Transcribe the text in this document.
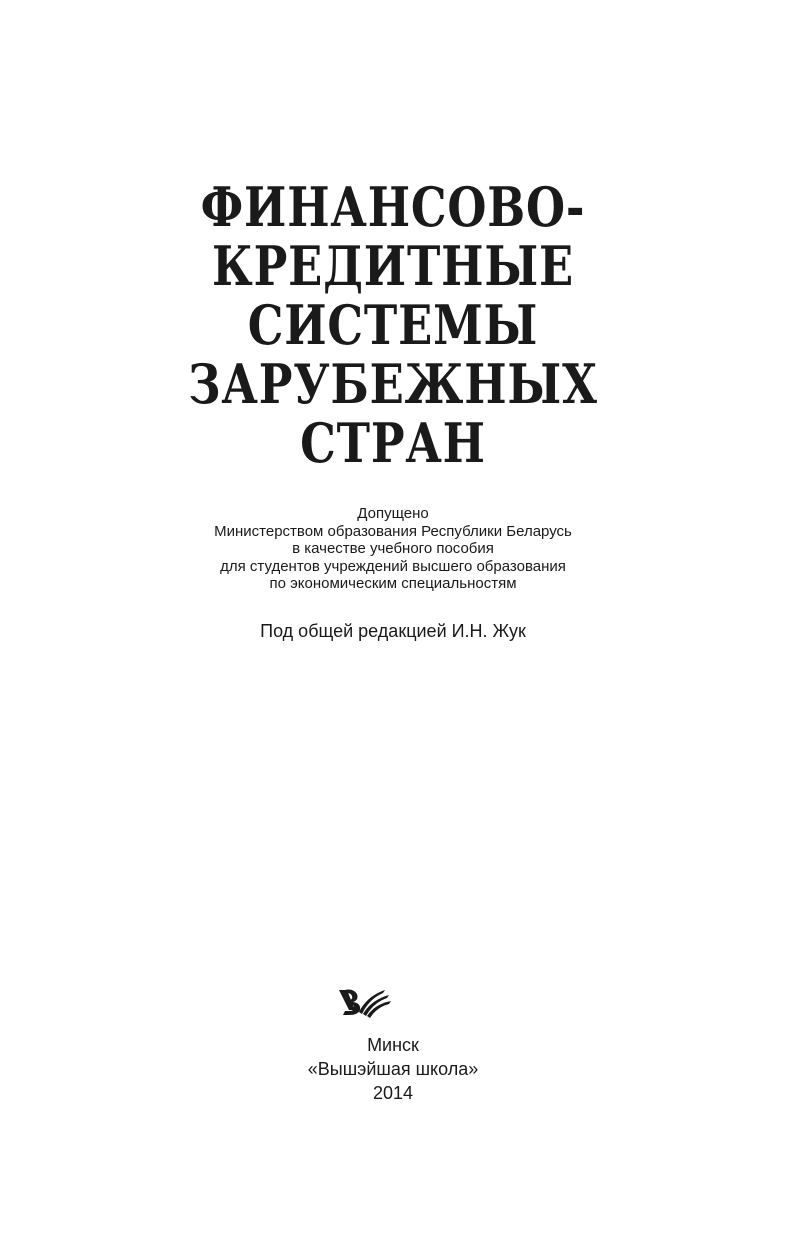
ФИНАНСОВО-
КРЕДИТНЫЕ
СИСТЕМЫ
ЗАРУБЕЖНЫХ
СТРАН
Допущено
Министерством образования Республики Беларусь
в качестве учебного пособия
для студентов учреждений высшего образования
по экономическим специальностям
Под общей редакцией И.Н. Жук
Минск
«Вышэйшая школа»
2014
